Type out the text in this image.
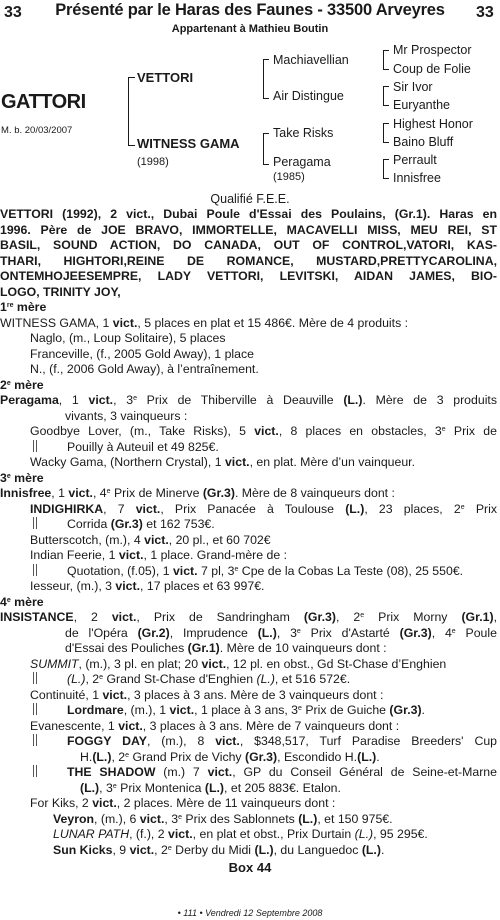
33	Présenté par le Haras des Faunes - 33500 Arveyres	33
Appartenant à Mathieu Boutin
GATTORI
M. b. 20/03/2007
VETTORI
WITNESS GAMA
(1998)
Machiavellian
Air Distingue
Take Risks
Peragama
(1985)
Mr Prospector
Coup de Folie
Sir Ivor
Euryanthe
Highest Honor
Baino Bluff
Perrault
Innisfree
Qualifié F.E.E.
VETTORI (1992), 2 vict., Dubai Poule d'Essai des Poulains, (Gr.1). Haras en
1996. Père de JOE BRAVO, IMMORTELLE, MACAVELLI MISS, MEU REI, ST
BASIL, SOUND ACTION, DO CANADA, OUT OF CONTROL,VATORI, KAS-
THARI, HIGHTORI,REINE DE ROMANCE, MUSTARD,PRETTYCAROLINA,
ONTEMHOJEESEMPRE, LADY VETTORI, LEVITSKI, AIDAN JAMES, BIO-
LOGO, TRINITY JOY,
1re mère
WITNESS GAMA, 1 vict., 5 places en plat et 15 486€. Mère de 4 produits :
Naglo, (m., Loup Solitaire), 5 places
Franceville, (f., 2005 Gold Away), 1 place
N., (f., 2006 Gold Away), à l’entraînement.
2e mère
Peragama, 1 vict., 3e Prix de Thiberville à Deauville (L.). Mère de 3 produits
vivants, 3 vainqueurs :
Goodbye Lover, (m., Take Risks), 5 vict., 8 places en obstacles, 3e Prix de
Pouilly à Auteuil et 49 825€.
Wacky Gama, (Northern Crystal), 1 vict., en plat. Mère d’un vainqueur.
3e mère
Innisfree, 1 vict., 4e Prix de Minerve (Gr.3). Mère de 8 vainqueurs dont :
INDIGHIRKA, 7 vict., Prix Panacée à Toulouse (L.), 23 places, 2e Prix
Corrida (Gr.3) et 162 753€.
Butterscotch, (m.), 4 vict., 20 pl., et 60 702€
Indian Feerie, 1 vict., 1 place. Grand-mère de :
Quotation, (f.05), 1 vict. 7 pl, 3e Cpe de la Cobas La Teste (08), 25 550€.
Iesseur, (m.), 3 vict., 17 places et 63 997€.
4e mère
INSISTANCE, 2 vict., Prix de Sandringham (Gr.3), 2e Prix Morny (Gr.1),
de l'Opéra (Gr.2), Imprudence (L.), 3e Prix d'Astarté (Gr.3), 4e Poule
d'Essai des Pouliches (Gr.1). Mère de 10 vainqueurs dont :
SUMMIT, (m.), 3 pl. en plat; 20 vict., 12 pl. en obst., Gd St-Chase d’Enghien
(L.), 2e Grand St-Chase d'Enghien (L.), et 516 572€.
Continuité, 1 vict., 3 places à 3 ans. Mère de 3 vainqueurs dont :
Lordmare, (m.), 1 vict., 1 place à 3 ans, 3e Prix de Guiche (Gr.3).
Evanescente, 1 vict., 3 places à 3 ans. Mère de 7 vainqueurs dont :
FOGGY DAY, (m.), 8 vict., $348,517, Turf Paradise Breeders' Cup
H.(L.), 2e Grand Prix de Vichy (Gr.3), Escondido H.(L.).
THE SHADOW (m.) 7 vict., GP du Conseil Général de Seine-et-Marne
(L.), 3e Prix Montenica (L.), et 205 883€. Etalon.
For Kiks, 2 vict., 2 places. Mère de 11 vainqueurs dont :
Veyron, (m.), 6 vict., 3e Prix des Sablonnets (L.), et 150 975€.
LUNAR PATH, (f.), 2 vict., en plat et obst., Prix Durtain (L.), 95 295€.
Sun Kicks, 9 vict., 2e Derby du Midi (L.), du Languedoc (L.).
Box 44
• 111 • Vendredi 12 Septembre 2008
